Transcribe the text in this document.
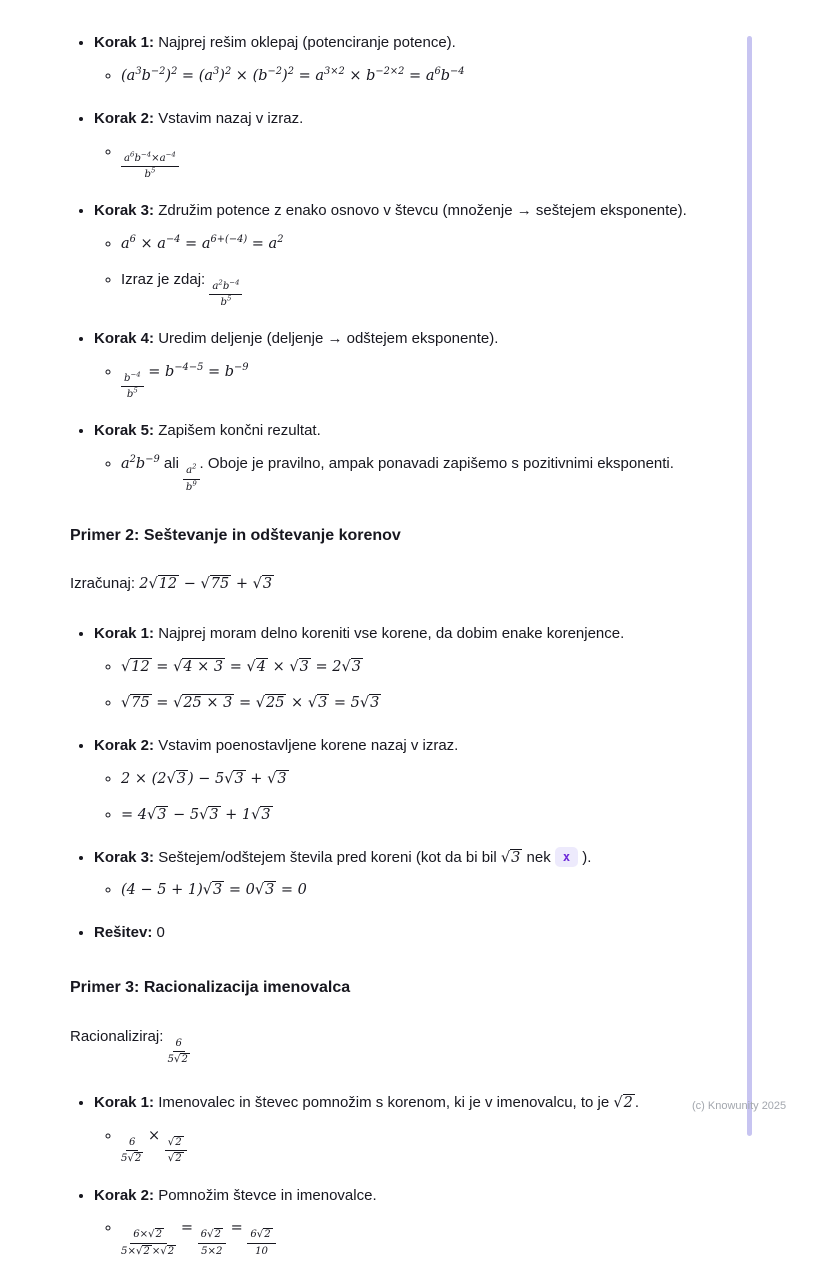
• Korak 1: Najprej rešim oklepaj (potenciranje potence).
◦ $(a^3b^{-2})^2 = (a^3)^2 \times (b^{-2})^2 = a^{3\times 2} \times b^{-2\times 2} = a^6b^{-4}$
• Korak 2: Vstavim nazaj v izraz.
◦ $\frac{a^6b^{-4}\times a^{-4}}{b^5}$
• Korak 3: Združim potence z enako osnovo v števcu (množenje → seštejem eksponente).
◦ $a^6 \times a^{-4} = a^{6+(-4)} = a^2$
◦ Izraz je zdaj:
$\frac{a^2b^{-4}}{b^5}$
• Korak 4: Uredim deljenje (deljenje → odštejem eksponente).
◦ $\frac{b^{-4}}{b^5}$
= $b^{-4-5} = b^{-9}$
• Korak 5: Zapišem končni rezultat.
◦ $a^2b^{-9}$ ali
$\frac{a^2}{b^9}$
. Oboje je pravilno, ampak ponavadi zapišemo s pozitivnimi eksponenti.
Primer 2: Seštevanje in odštevanje korenov

Izračunaj: 2√12 − √75 + √3

• Korak 1: Najprej moram delno koreniti vse korene, da dobim enake korenjence.
◦ √12 = √4 × 3 = √4 × √3 = 2√3
◦ √75 = √25 × 3 = √25 × √3 = 5√3
• Korak 2: Vstavim poenostavljene korene nazaj v izraz.
◦ 2 × (2√3 ) − 5√3 + √3
◦ = 4√3 − 5√3 + 1√3
• Korak 3: Seštejem/odštejem števila pred koreni (kot da bi bil √3 nek x ).
◦ (4 − 5 + 1)√3 = 0√3 = 0
• Rešitev: 0
Primer 3: Racionalizacija imenovalca

Racionaliziraj:
$\frac{6}{5√2}$

• Korak 1: Imenovalec in števec pomnožim s korenom, ki je v imenovalcu, to je √2 .
◦ $\frac{6}{5√2}$
×
$\frac{√2}{√2}$
• Korak 2: Pomnožim števce in imenovalce.
◦ $\frac{6\times√2}{5\times√2 \times√2}$
=
$\frac{6√2}{5\times 2}$
=
$\frac{6√2}{10}$
(c) Knowunity 2025
